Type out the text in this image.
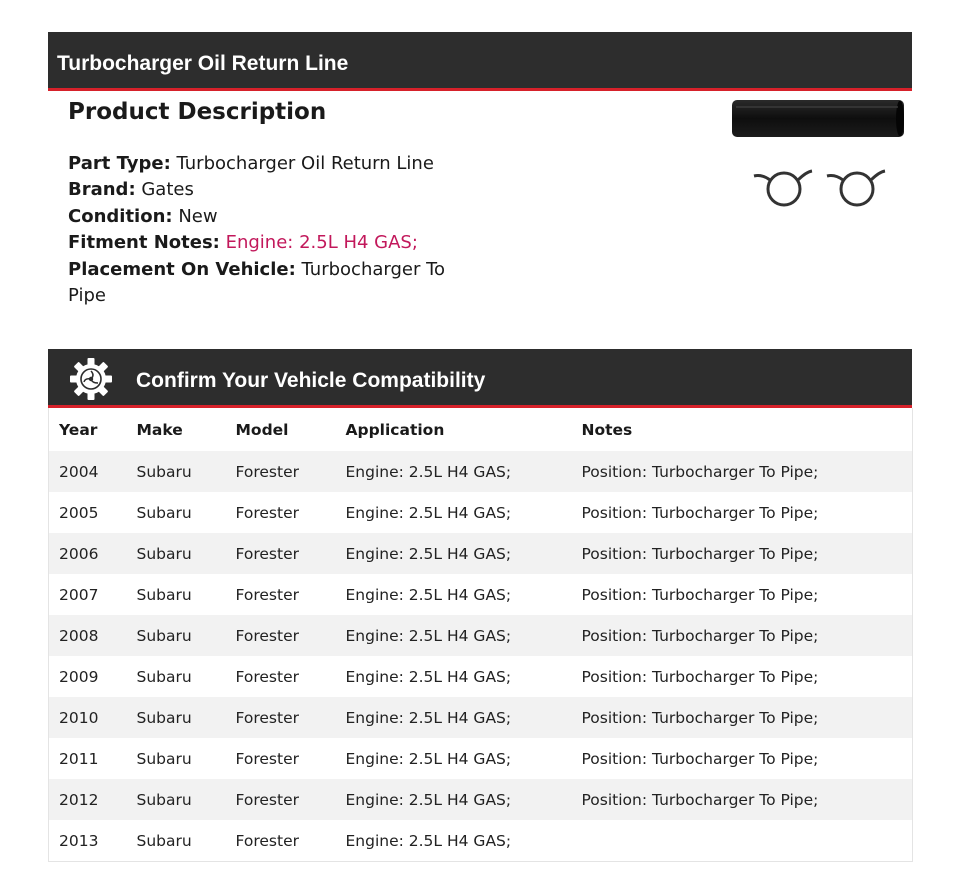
Turbocharger Oil Return Line
Product Description

Part Type: Turbocharger Oil Return Line

Brand: Gates

Condition: New

Fitment Notes: Engine: 2.5L H4 GAS;

Placement On Vehicle: Turbocharger To Pipe

Confirm Your Vehicle Compatibility
Year	Make	Model	Application	Notes
2004	Subaru	Forester	Engine: 2.5L H4 GAS;	Position: Turbocharger To Pipe;
2005	Subaru	Forester	Engine: 2.5L H4 GAS;	Position: Turbocharger To Pipe;
2006	Subaru	Forester	Engine: 2.5L H4 GAS;	Position: Turbocharger To Pipe;
2007	Subaru	Forester	Engine: 2.5L H4 GAS;	Position: Turbocharger To Pipe;
2008	Subaru	Forester	Engine: 2.5L H4 GAS;	Position: Turbocharger To Pipe;
2009	Subaru	Forester	Engine: 2.5L H4 GAS;	Position: Turbocharger To Pipe;
2010	Subaru	Forester	Engine: 2.5L H4 GAS;	Position: Turbocharger To Pipe;
2011	Subaru	Forester	Engine: 2.5L H4 GAS;	Position: Turbocharger To Pipe;
2012	Subaru	Forester	Engine: 2.5L H4 GAS;	Position: Turbocharger To Pipe;
2013	Subaru	Forester	Engine: 2.5L H4 GAS;	
